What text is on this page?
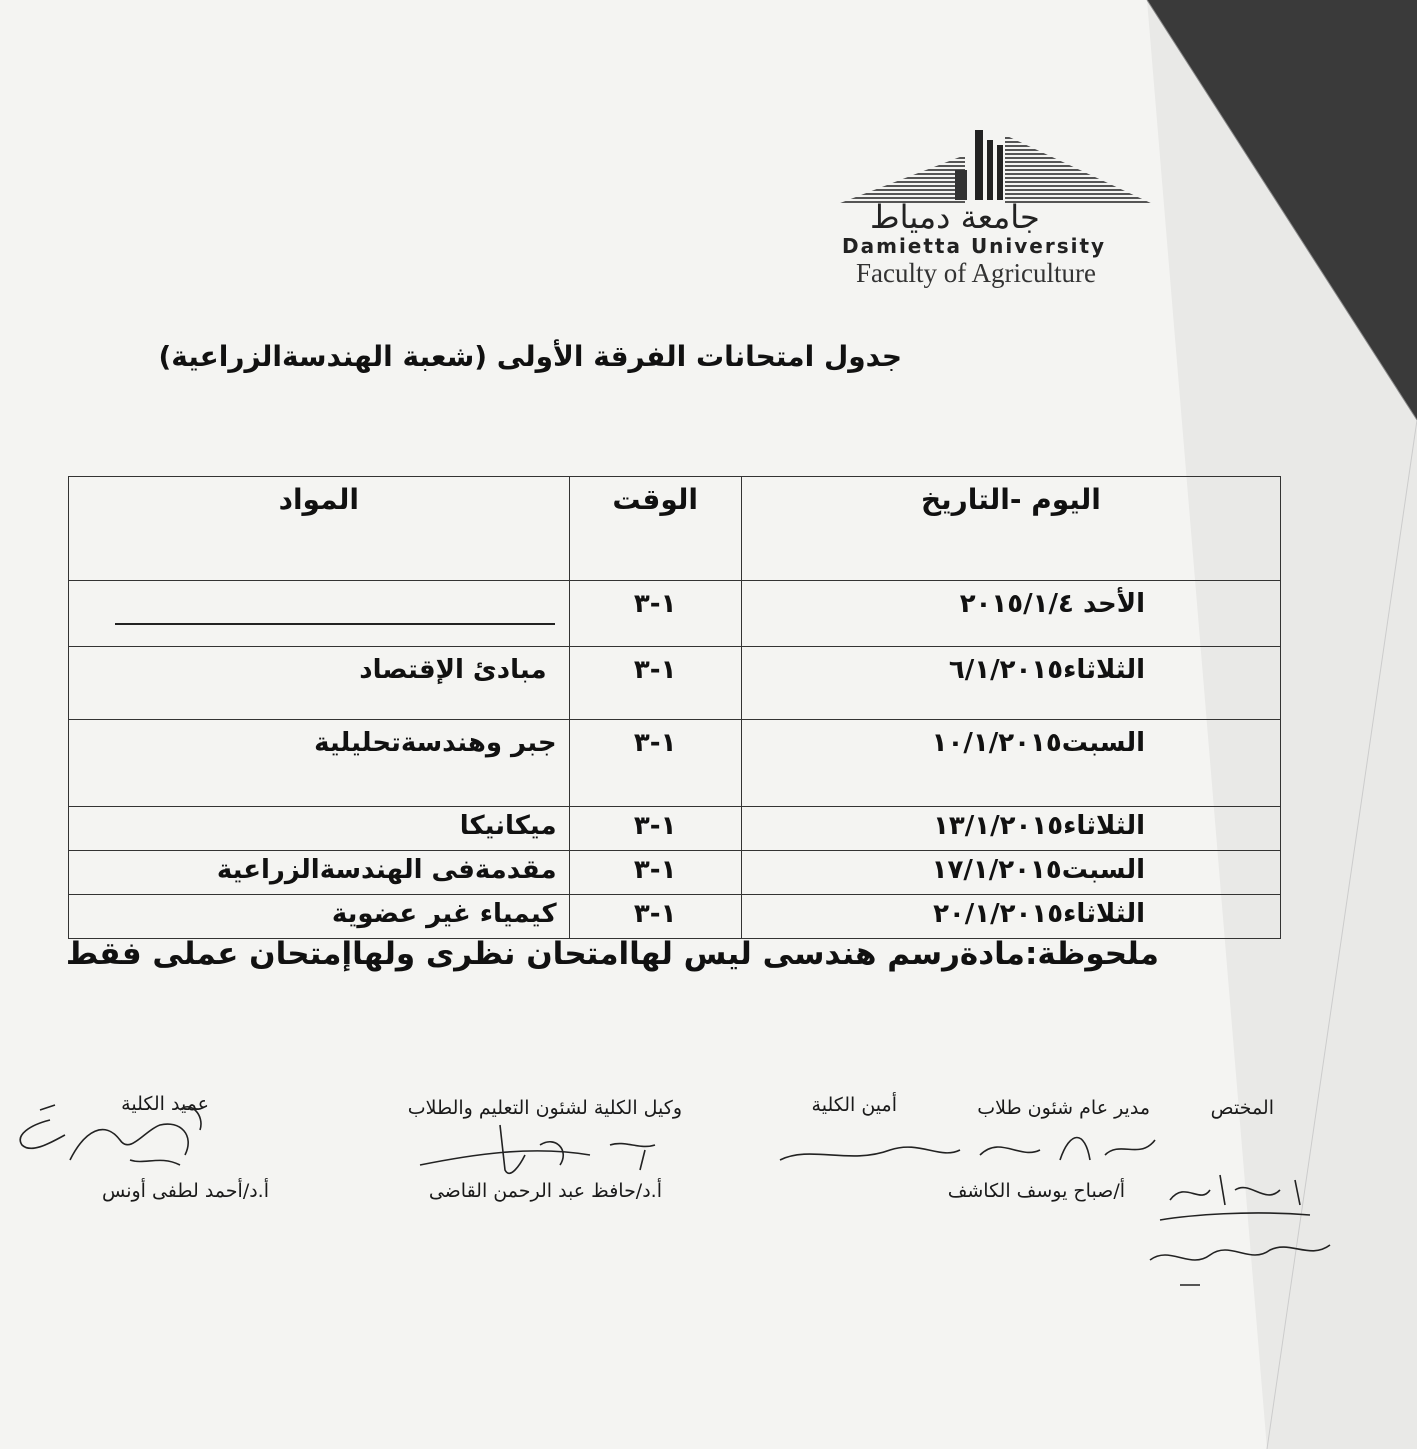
جامعة دمياط
Damietta University
Faculty of Agriculture
جدول امتحانات الفرقة الأولى (شعبة الهندسةالزراعية)
اليوم -التاريخ	الوقت	المواد
الأحد ٢٠١٥/١/٤	١-٣	
الثلاثاء٦/١/٢٠١٥	١-٣	مبادئ الإقتصاد
السبت١٠/١/٢٠١٥	١-٣	جبر وهندسةتحليلية
الثلاثاء١٣/١/٢٠١٥	١-٣	ميكانيكا
السبت١٧/١/٢٠١٥	١-٣	مقدمةفى الهندسةالزراعية
الثلاثاء٢٠/١/٢٠١٥	١-٣	كيمياء غير عضوية
ملحوظة:مادةرسم هندسى ليس لهاامتحان نظرى ولهاإمتحان عملى فقط
المختص
مدير عام شئون طلاب
أمين الكلية
أ/صباح يوسف الكاشف
وكيل الكلية لشئون التعليم والطلاب
أ.د/حافظ عبد الرحمن القاضى
عميد الكلية
أ.د/أحمد لطفى أونس
